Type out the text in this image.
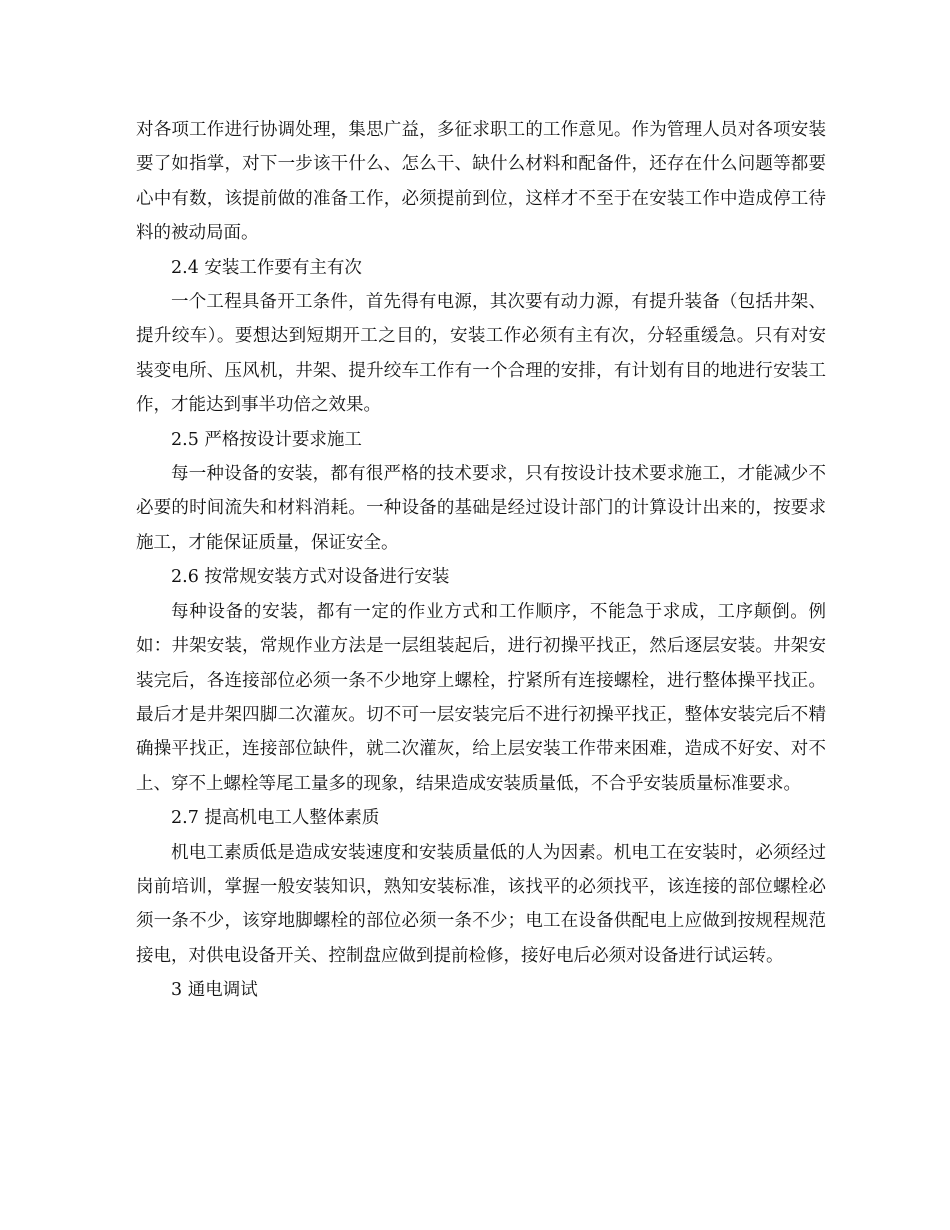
对各项工作进行协调处理，集思广益，多征求职工的工作意见。作为管理人员对各项安装要了如指掌，对下一步该干什么、怎么干、缺什么材料和配备件，还存在什么问题等都要心中有数，该提前做的准备工作，必须提前到位，这样才不至于在安装工作中造成停工待料的被动局面。

2.4 安装工作要有主有次

一个工程具备开工条件，首先得有电源，其次要有动力源，有提升装备（包括井架、提升绞车）。要想达到短期开工之目的，安装工作必须有主有次，分轻重缓急。只有对安装变电所、压风机，井架、提升绞车工作有一个合理的安排，有计划有目的地进行安装工作，才能达到事半功倍之效果。

2.5 严格按设计要求施工

每一种设备的安装，都有很严格的技术要求，只有按设计技术要求施工，才能减少不必要的时间流失和材料消耗。一种设备的基础是经过设计部门的计算设计出来的，按要求施工，才能保证质量，保证安全。

2.6 按常规安装方式对设备进行安装

每种设备的安装，都有一定的作业方式和工作顺序，不能急于求成，工序颠倒。例如：井架安装，常规作业方法是一层组装起后，进行初操平找正，然后逐层安装。井架安装完后，各连接部位必须一条不少地穿上螺栓，拧紧所有连接螺栓，进行整体操平找正。最后才是井架四脚二次灌灰。切不可一层安装完后不进行初操平找正，整体安装完后不精确操平找正，连接部位缺件，就二次灌灰，给上层安装工作带来困难，造成不好安、对不上、穿不上螺栓等尾工量多的现象，结果造成安装质量低，不合乎安装质量标准要求。

2.7 提高机电工人整体素质

机电工素质低是造成安装速度和安装质量低的人为因素。机电工在安装时，必须经过岗前培训，掌握一般安装知识，熟知安装标准，该找平的必须找平，该连接的部位螺栓必须一条不少，该穿地脚螺栓的部位必须一条不少；电工在设备供配电上应做到按规程规范接电，对供电设备开关、控制盘应做到提前检修，接好电后必须对设备进行试运转。

3 通电调试
